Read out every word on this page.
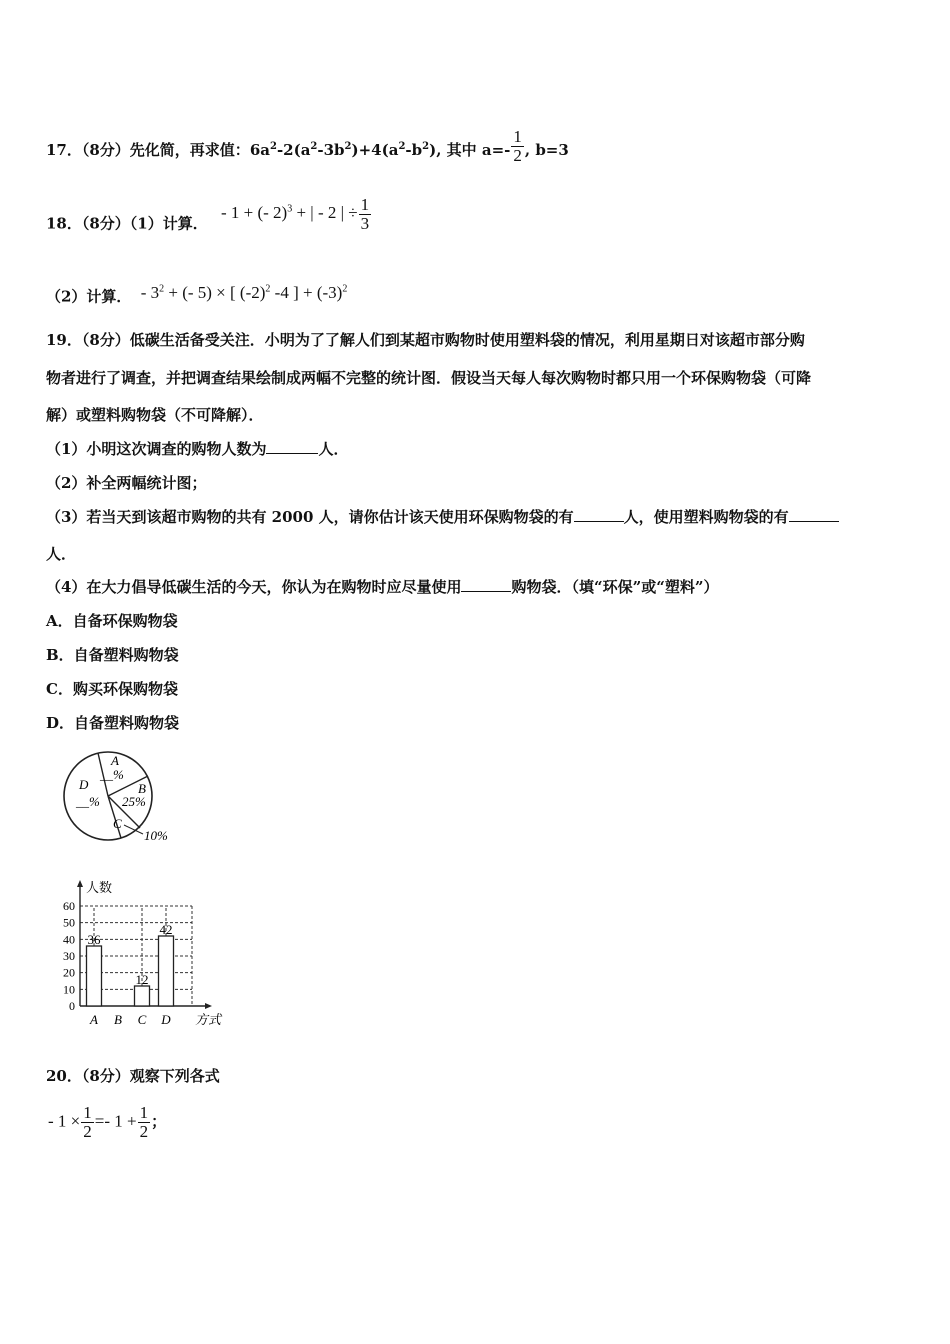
17．（8分）先化简，再求值：$6a^2-2(a^2-3b^2)+4(a^2-b^2)$, 其中 $a=- \frac{1}{2}$ , b=3
18．（8分）（1）计算． - 1 + (- 2)$^3$ + | - 2 | ÷ $\frac{1}{3}$
（2）计算． - $3^2$ + (- 5) × [ $(-2)^2$ -4 ] + $(-3)^2$
19．（8分）低碳生活备受关注．小明为了了解人们到某超市购物时使用塑料袋的情况，利用星期日对该超市部分购
物者进行了调查，并把调查结果绘制成两幅不完整的统计图．假设当天每人每次购物时都只用一个环保购物袋（可降
解）或塑料购物袋（不可降解）．
（1）小明这次调查的购物人数为	人．
（2）补全两幅统计图；
（3）若当天到该超市购物的共有 2000 人，请你估计该天使用环保购物袋的有	人，使用塑料购物袋的有
人．
（4）在大力倡导低碳生活的今天，你认为在购物时应尽量使用	购物袋．（填“环保”或“塑料”）
A．自备环保购物袋
B．自备塑料购物袋
C．购买环保购物袋
D．自备塑料购物袋
A
__%
B
25%
C
10%
D
__%
人数
方式
0
10
20
30
40
50
60
A B C D
36
12
42
20．（8分）观察下列各式
- $1 \times \frac{1}{2} =- 1 + \frac{1}{2}$ ；
